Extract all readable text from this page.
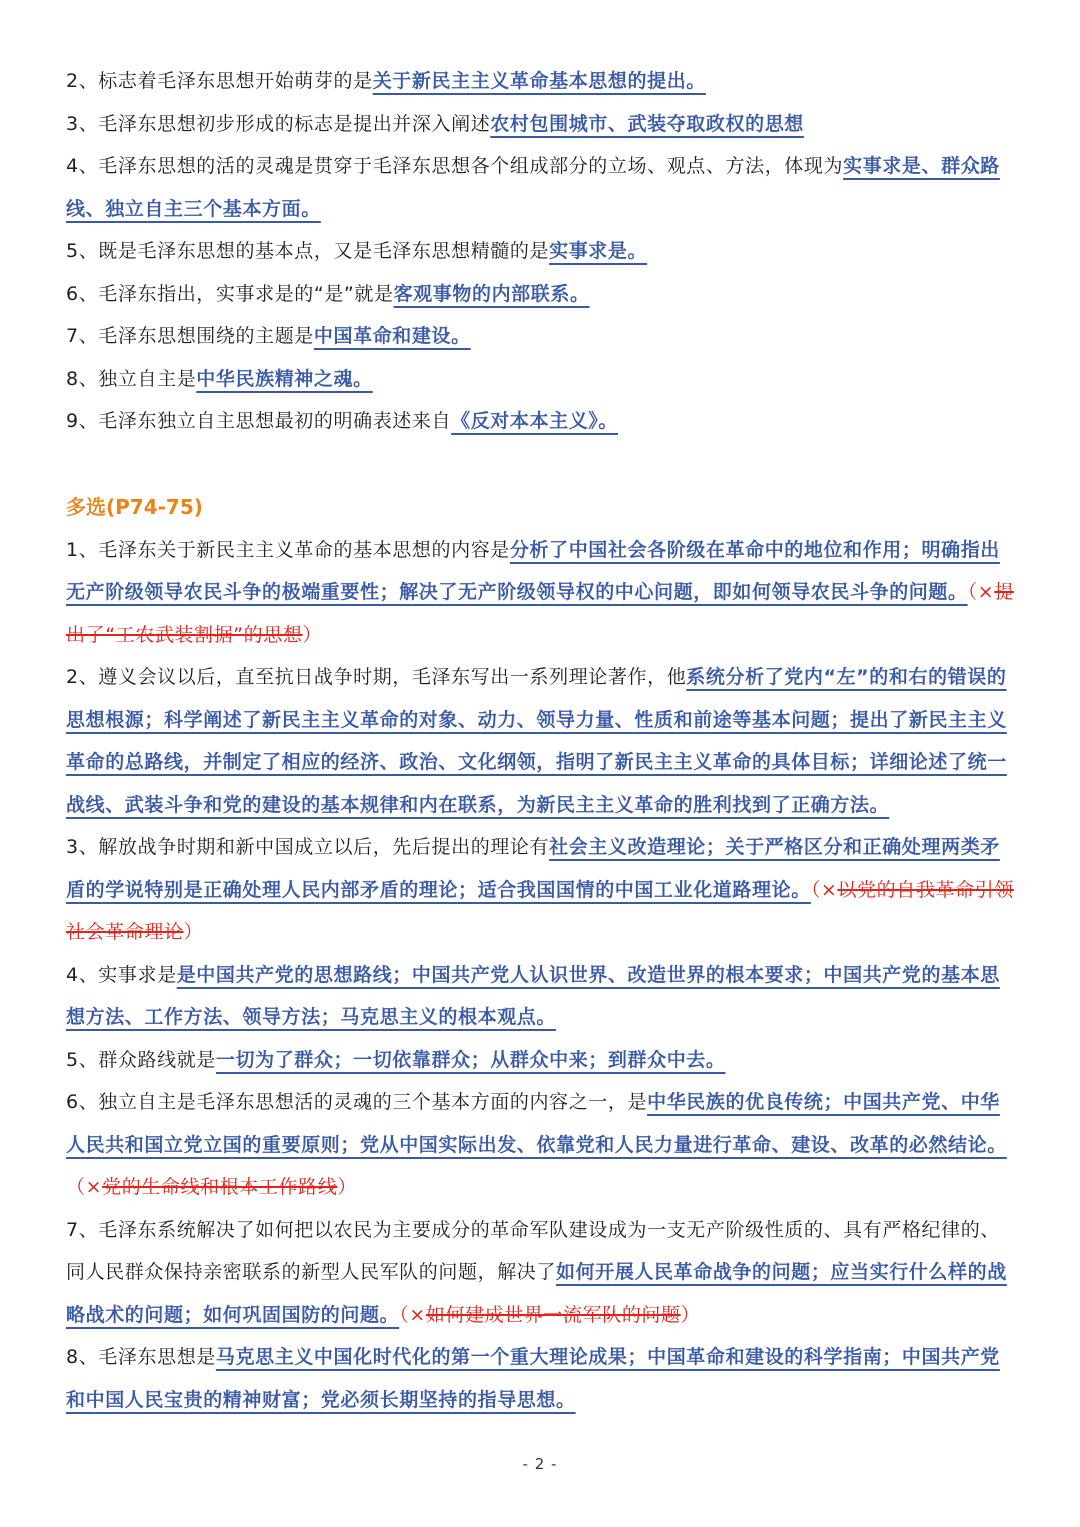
2、标志着毛泽东思想开始萌芽的是关于新民主主义革命基本思想的提出。

3、毛泽东思想初步形成的标志是提出并深入阐述农村包围城市、武装夺取政权的思想

4、毛泽东思想的活的灵魂是贯穿于毛泽东思想各个组成部分的立场、观点、方法，体现为实事求是、群众路线、独立自主三个基本方面。

5、既是毛泽东思想的基本点，又是毛泽东思想精髓的是实事求是。

6、毛泽东指出，实事求是的“是”就是客观事物的内部联系。

7、毛泽东思想围绕的主题是中国革命和建设。

8、独立自主是中华民族精神之魂。

9、毛泽东独立自主思想最初的明确表述来自《反对本本主义》。

多选(P74-75)

1、毛泽东关于新民主主义革命的基本思想的内容是分析了中国社会各阶级在革命中的地位和作用；明确指出无产阶级领导农民斗争的极端重要性；解决了无产阶级领导权的中心问题，即如何领导农民斗争的问题。（×提出了“工农武装割据”的思想）

2、遵义会议以后，直至抗日战争时期，毛泽东写出一系列理论著作，他系统分析了党内“左”的和右的错误的思想根源；科学阐述了新民主主义革命的对象、动力、领导力量、性质和前途等基本问题；提出了新民主主义革命的总路线，并制定了相应的经济、政治、文化纲领，指明了新民主主义革命的具体目标；详细论述了统一战线、武装斗争和党的建设的基本规律和内在联系，为新民主主义革命的胜利找到了正确方法。

3、解放战争时期和新中国成立以后，先后提出的理论有社会主义改造理论；关于严格区分和正确处理两类矛盾的学说特别是正确处理人民内部矛盾的理论；适合我国国情的中国工业化道路理论。（×以党的自我革命引领社会革命理论）

4、实事求是是中国共产党的思想路线；中国共产党人认识世界、改造世界的根本要求；中国共产党的基本思想方法、工作方法、领导方法；马克思主义的根本观点。

5、群众路线就是一切为了群众；一切依靠群众；从群众中来；到群众中去。

6、独立自主是毛泽东思想活的灵魂的三个基本方面的内容之一，是中华民族的优良传统；中国共产党、中华人民共和国立党立国的重要原则；党从中国实际出发、依靠党和人民力量进行革命、建设、改革的必然结论。（×党的生命线和根本工作路线）

7、毛泽东系统解决了如何把以农民为主要成分的革命军队建设成为一支无产阶级性质的、具有严格纪律的、同人民群众保持亲密联系的新型人民军队的问题，解决了如何开展人民革命战争的问题；应当实行什么样的战略战术的问题；如何巩固国防的问题。（×如何建成世界一流军队的问题）

8、毛泽东思想是马克思主义中国化时代化的第一个重大理论成果；中国革命和建设的科学指南；中国共产党和中国人民宝贵的精神财富；党必须长期坚持的指导思想。

- 2 -
